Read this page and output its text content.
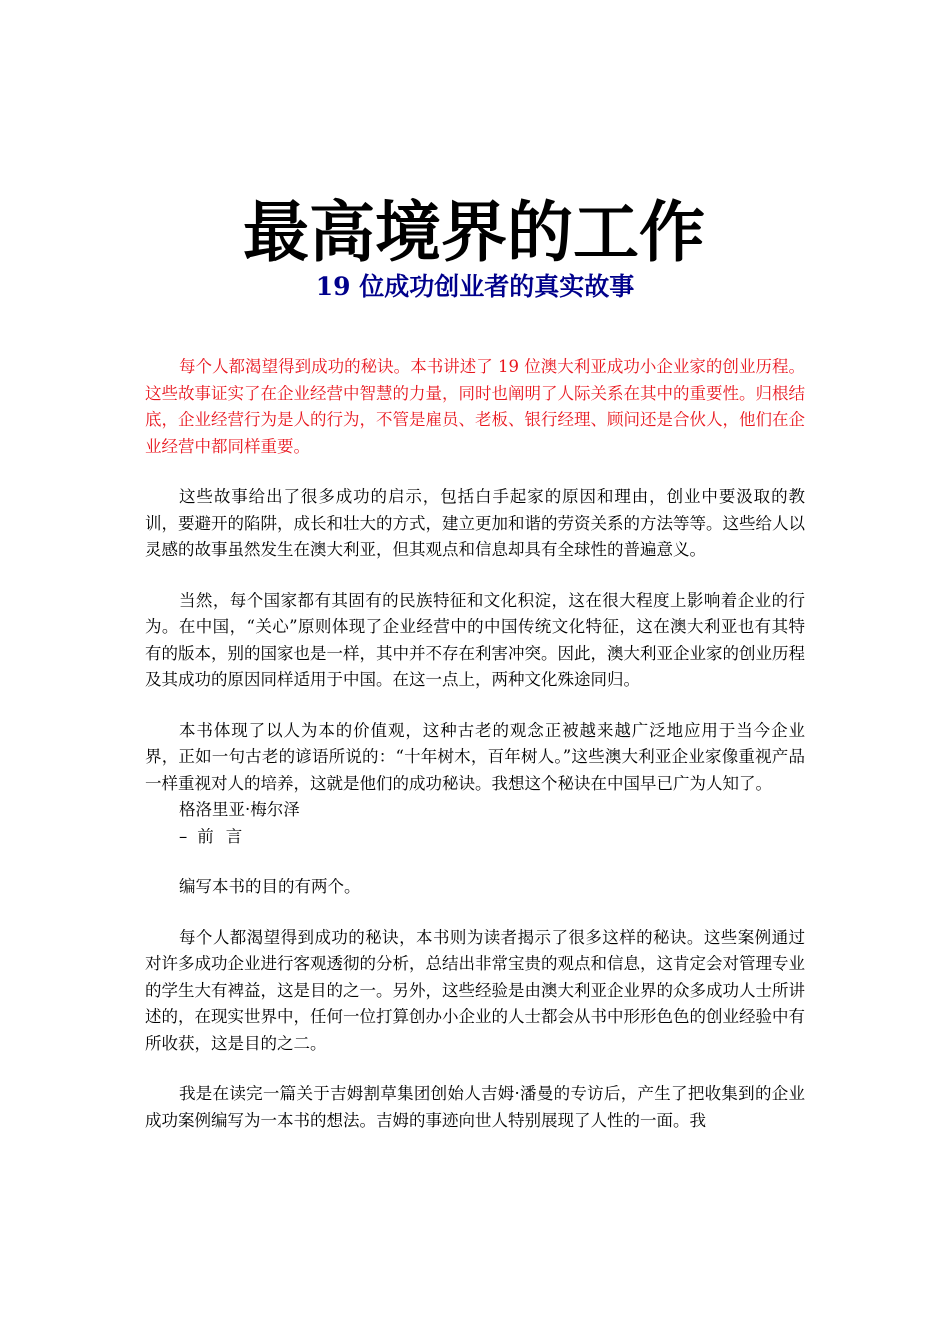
最高境界的工作
19 位成功创业者的真实故事

每个人都渴望得到成功的秘诀。本书讲述了 19 位澳大利亚成功小企业家的创业历程。这些故事证实了在企业经营中智慧的力量，同时也阐明了人际关系在其中的重要性。归根结底，企业经营行为是人的行为，不管是雇员、老板、银行经理、顾问还是合伙人，他们在企业经营中都同样重要。

这些故事给出了很多成功的启示，包括白手起家的原因和理由，创业中要汲取的教训，要避开的陷阱，成长和壮大的方式，建立更加和谐的劳资关系的方法等等。这些给人以灵感的故事虽然发生在澳大利亚，但其观点和信息却具有全球性的普遍意义。

当然，每个国家都有其固有的民族特征和文化积淀，这在很大程度上影响着企业的行为。在中国，“关心”原则体现了企业经营中的中国传统文化特征，这在澳大利亚也有其特有的版本，别的国家也是一样，其中并不存在利害冲突。因此，澳大利亚企业家的创业历程及其成功的原因同样适用于中国。在这一点上，两种文化殊途同归。

本书体现了以人为本的价值观，这种古老的观念正被越来越广泛地应用于当今企业界，正如一句古老的谚语所说的：“十年树木，百年树人。”这些澳大利亚企业家像重视产品一样重视对人的培养，这就是他们的成功秘诀。我想这个秘诀在中国早已广为人知了。

格洛里亚·梅尔泽

– 前言

编写本书的目的有两个。

每个人都渴望得到成功的秘诀，本书则为读者揭示了很多这样的秘诀。这些案例通过对许多成功企业进行客观透彻的分析，总结出非常宝贵的观点和信息，这肯定会对管理专业的学生大有裨益，这是目的之一。另外，这些经验是由澳大利亚企业界的众多成功人士所讲述的，在现实世界中，任何一位打算创办小企业的人士都会从书中形形色色的创业经验中有所收获，这是目的之二。

我是在读完一篇关于吉姆割草集团创始人吉姆·潘曼的专访后，产生了把收集到的企业成功案例编写为一本书的想法。吉姆的事迹向世人特别展现了人性的一面。我
